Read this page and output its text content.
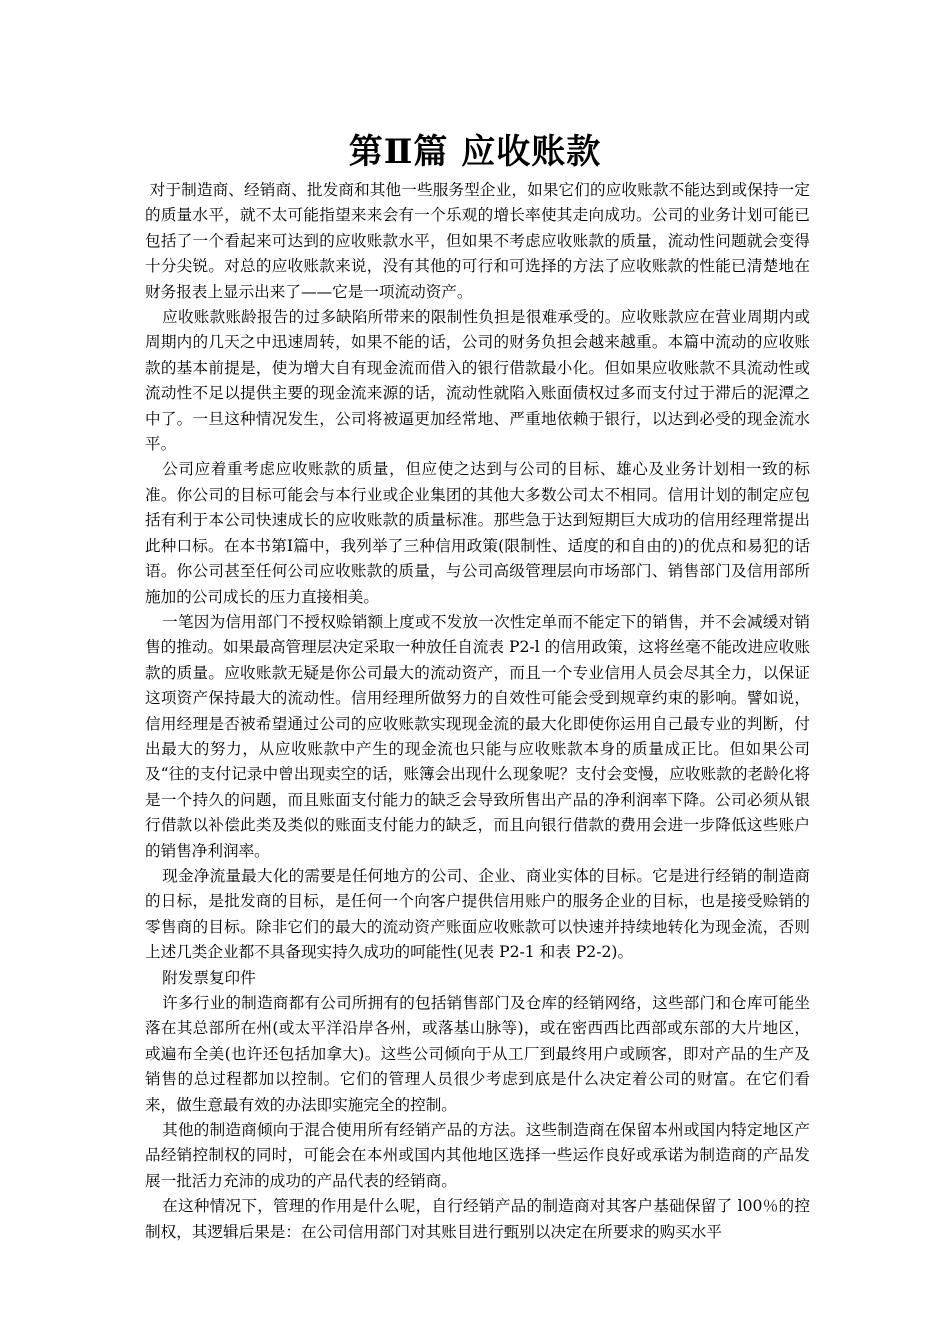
第Ⅱ篇 应收账款

对于制造商、经销商、批发商和其他一些服务型企业，如果它们的应收账款不能达到或保持一定的质量水平，就不太可能指望来来会有一个乐观的增长率使其走向成功。公司的业务计划可能已包括了一个看起来可达到的应收账款水平，但如果不考虑应收账款的质量，流动性问题就会变得十分尖锐。对总的应收账款来说，没有其他的可行和可选择的方法了应收账款的性能已清楚地在财务报表上显示出来了——它是一项流动资产。

应收账款账龄报告的过多缺陷所带来的限制性负担是很难承受的。应收账款应在营业周期内或周期内的几天之中迅速周转，如果不能的话，公司的财务负担会越来越重。本篇中流动的应收账款的基本前提是，使为增大自有现金流而借入的银行借款最小化。但如果应收账款不具流动性或流动性不足以提供主要的现金流来源的话，流动性就陷入账面债权过多而支付过于滞后的泥潭之中了。一旦这种情况发生，公司将被逼更加经常地、严重地依赖于银行，以达到必受的现金流水平。

公司应着重考虑应收账款的质量，但应使之达到与公司的目标、雄心及业务计划相一致的标准。你公司的目标可能会与本行业或企业集团的其他大多数公司太不相同。信用计划的制定应包括有利于本公司快速成长的应收账款的质量标准。那些急于达到短期巨大成功的信用经理常提出此种口标。在本书第Ⅰ篇中，我列举了三种信用政策(限制性、适度的和自由的)的优点和易犯的话语。你公司甚至任何公司应收账款的质量，与公司高级管理层向市场部门、销售部门及信用部所施加的公司成长的压力直接相美。

一笔因为信用部门不授权赊销额上度或不发放一次性定单而不能定下的销售，并不会减缓对销售的推动。如果最高管理层决定采取一种放任自流表 P2-l 的信用政策，这将丝毫不能改进应收账款的质量。应收账款无疑是你公司最大的流动资产，而且一个专业信用人员会尽其全力，以保证这项资产保持最大的流动性。信用经理所做努力的自效性可能会受到规章约束的影响。譬如说，信用经理是否被希望通过公司的应收账款实现现金流的最大化即使你运用自己最专业的判断，付出最大的努力，从应收账款中产生的现金流也只能与应收账款本身的质量成正比。但如果公司及“往的支付记录中曾出现卖空的话，账簿会出现什么现象呢？支付会变慢，应收账款的老龄化将是一个持久的问题，而且账面支付能力的缺乏会导致所售出产品的净利润率下降。公司必须从银行借款以补偿此类及类似的账面支付能力的缺乏，而且向银行借款的费用会进一步降低这些账户的销售净利润率。

现金净流量最大化的需要是任何地方的公司、企业、商业实体的目标。它是进行经销的制造商的日标，是批发商的目标，是任何一个向客户提供信用账户的服务企业的目标，也是接受赊销的零售商的目标。除非它们的最大的流动资产账面应收账款可以快速并持续地转化为现金流，否则上述几类企业都不具备现实持久成功的呵能性(见表 P2-1 和表 P2-2)。

附发票复印件

许多行业的制造商都有公司所拥有的包括销售部门及仓库的经销网络，这些部门和仓库可能坐落在其总部所在州(或太平洋沿岸各州，或落基山脉等)，或在密西西比西部或东部的大片地区，或遍布全美(也许还包括加拿大)。这些公司倾向于从工厂到最终用户或顾客，即对产品的生产及销售的总过程都加以控制。它们的管理人员很少考虑到底是什么决定着公司的财富。在它们看来，做生意最有效的办法即实施完全的控制。

其他的制造商倾向于混合使用所有经销产品的方法。这些制造商在保留本州或国内特定地区产品经销控制权的同时，可能会在本州或国内其他地区选择一些运作良好或承诺为制造商的产品发展一批活力充沛的成功的产品代表的经销商。

在这种情况下，管理的作用是什么呢，自行经销产品的制造商对其客户基础保留了 l00％的控制权，其逻辑后果是：在公司信用部门对其账目进行甄别以决定在所要求的购买水平
